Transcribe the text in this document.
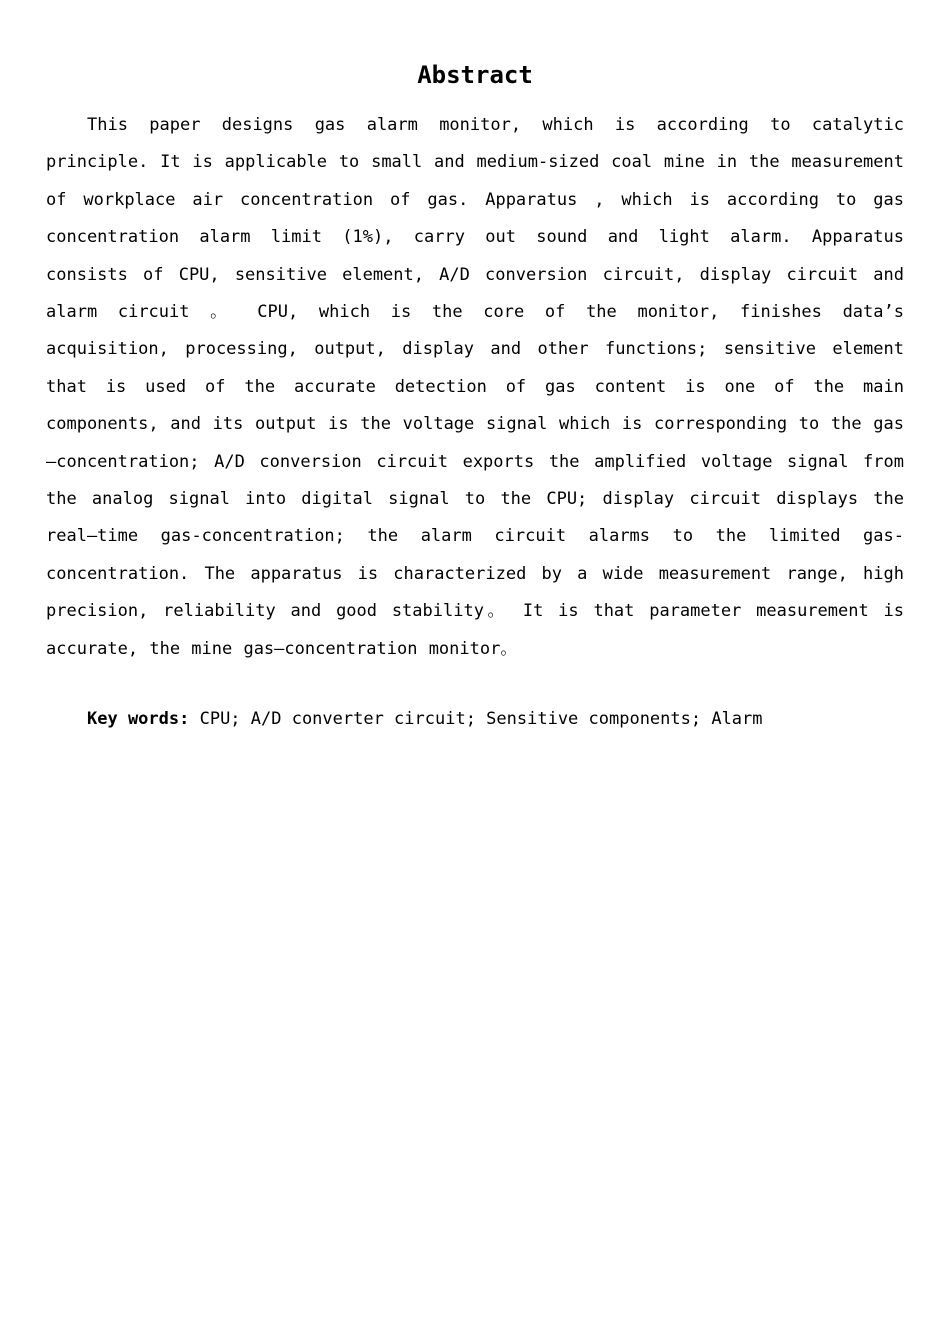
Abstract

This paper designs gas alarm monitor, which is according to catalytic principle. It is applicable to small and medium-sized coal mine in the measurement of workplace air concentration of gas. Apparatus , which is according to gas concentration alarm limit (1%), carry out sound and light alarm. Apparatus consists of CPU, sensitive element, A/D conversion circuit, display circuit and alarm circuit 。 CPU, which is the core of the monitor, finishes data’s acquisition, processing, output, display and other functions; sensitive element that is used of the accurate detection of gas content is one of the main components, and its output is the voltage signal which is corresponding to the gas—concentration; A/D conversion circuit exports the amplified voltage signal from the analog signal into digital signal to the CPU; display circuit displays the real—time gas-concentration; the alarm circuit alarms to the limited gas-concentration. The apparatus is characterized by a wide measurement range, high precision, reliability and good stability。 It is that parameter measurement is accurate, the mine gas—concentration monitor。

Key words: CPU; A/D converter circuit; Sensitive components; Alarm
